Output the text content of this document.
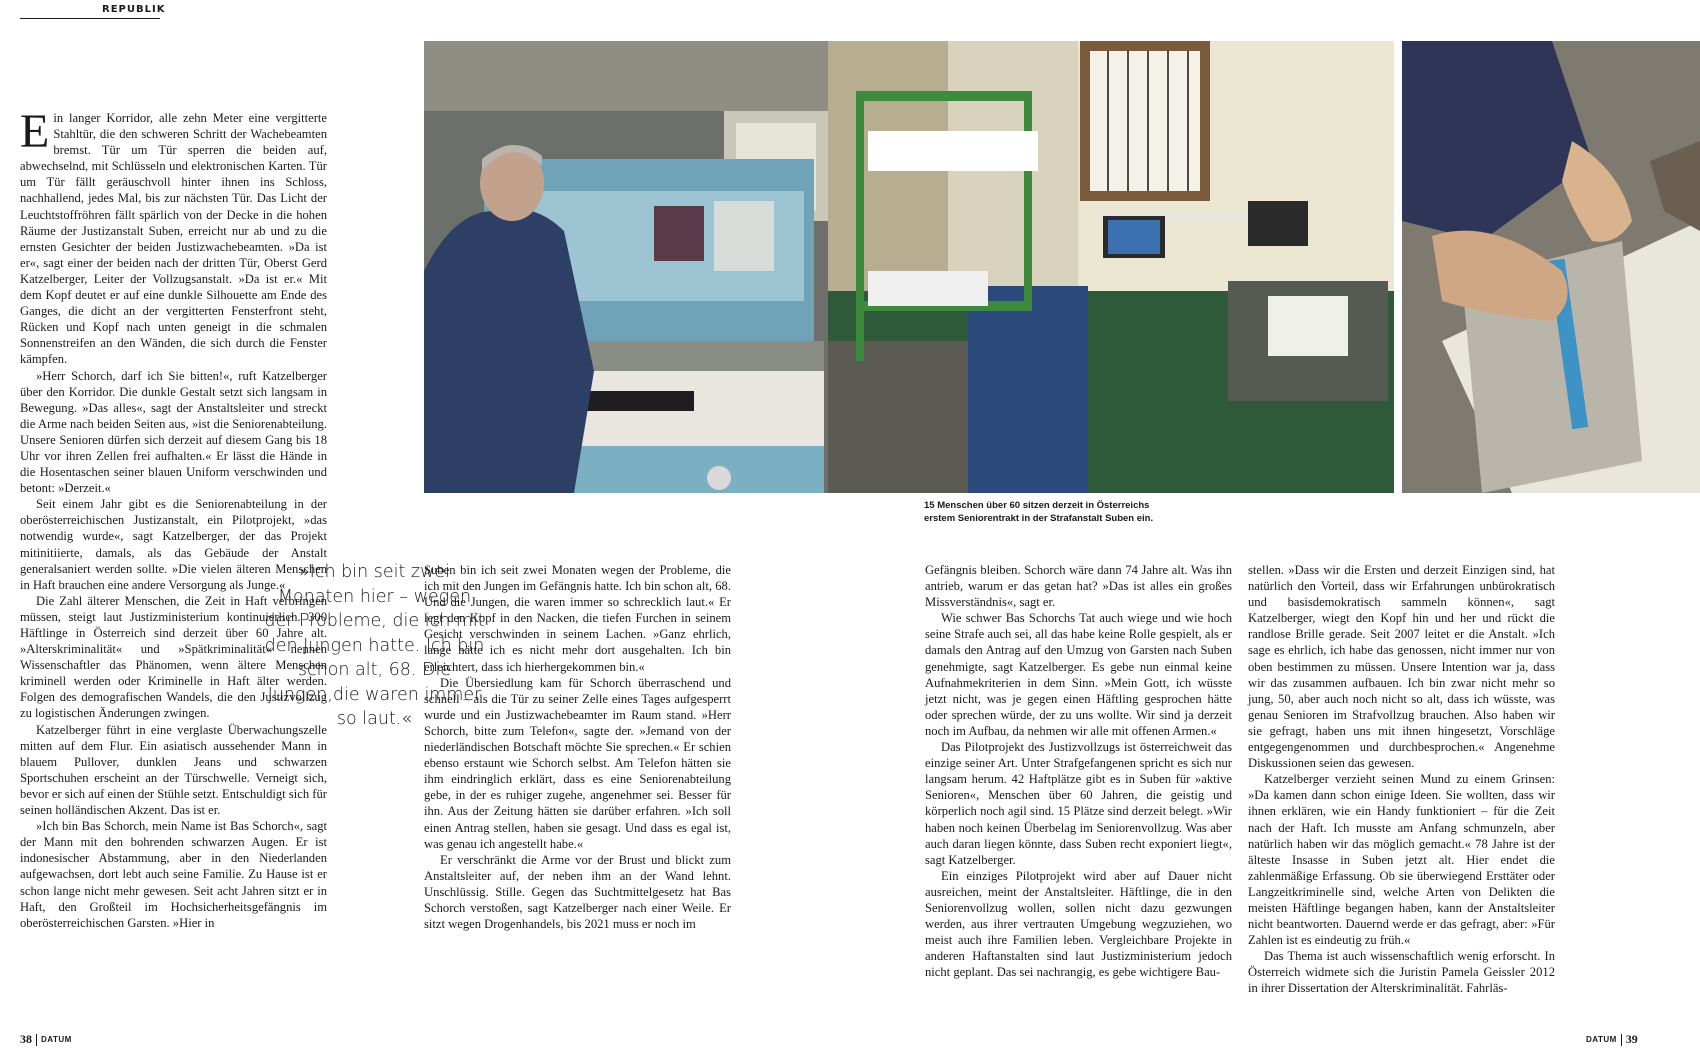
REPUBLIK
15 Menschen über 60 sitzen derzeit in Österreichs
erstem Seniorentrakt in der Strafanstalt Suben ein.

Ein langer Korridor, alle zehn Meter eine vergitterte Stahltür, die den schweren Schritt der Wachebeamten bremst. Tür um Tür sperren die beiden auf, abwechselnd, mit Schlüsseln und elektronischen Karten. Tür um Tür fällt geräuschvoll hinter ihnen ins Schloss, nachhallend, jedes Mal, bis zur nächsten Tür. Das Licht der Leuchtstoffröhren fällt spärlich von der Decke in die hohen Räume der Justizanstalt Suben, erreicht nur ab und zu die ernsten Gesichter der beiden Justizwachebeamten. »Da ist er«, sagt einer der beiden nach der dritten Tür, Oberst Gerd Katzelberger, Leiter der Vollzugsanstalt. »Da ist er.« Mit dem Kopf deutet er auf eine dunkle Silhouette am Ende des Ganges, die dicht an der vergitterten Fensterfront steht, Rücken und Kopf nach unten geneigt in die schmalen Sonnenstreifen an den Wänden, die sich durch die Fenster kämpfen.

»Herr Schorch, darf ich Sie bitten!«, ruft Katzelberger über den Korridor. Die dunkle Gestalt setzt sich langsam in Bewegung. »Das alles«, sagt der Anstaltsleiter und streckt die Arme nach beiden Seiten aus, »ist die Seniorenabteilung. Unsere Senioren dürfen sich derzeit auf diesem Gang bis 18 Uhr vor ihren Zellen frei aufhalten.« Er lässt die Hände in die Hosentaschen seiner blauen Uniform verschwinden und betont: »Derzeit.«

Seit einem Jahr gibt es die Seniorenabteilung in der oberösterreichischen Justizanstalt, ein Pilotprojekt, »das notwendig wurde«, sagt Katzelberger, der das Projekt mitinitiierte, damals, als das Gebäude der Anstalt generalsaniert werden sollte. »Die vielen älteren Menschen in Haft brauchen eine andere Versorgung als Junge.«

Die Zahl älterer Menschen, die Zeit in Haft verbringen müssen, steigt laut Justizministerium kontinuierlich. 300 Häftlinge in Österreich sind derzeit über 60 Jahre alt. »Alterskriminalität« und »Spätkriminalität« nennen Wissenschaftler das Phänomen, wenn ältere Menschen kriminell werden oder Kriminelle in Haft älter werden. Folgen des demografischen Wandels, die den Justizvollzug zu logistischen Änderungen zwingen.

Katzelberger führt in eine verglaste Überwachungszelle mitten auf dem Flur. Ein asiatisch aussehender Mann in blauem Pullover, dunklen Jeans und schwarzen Sportschuhen erscheint an der Türschwelle. Verneigt sich, bevor er sich auf einen der Stühle setzt. Entschuldigt sich für seinen holländischen Akzent. Das ist er.

»Ich bin Bas Schorch, mein Name ist Bas Schorch«, sagt der Mann mit den bohrenden schwarzen Augen. Er ist indonesischer Abstammung, aber in den Niederlanden aufgewachsen, dort lebt auch seine Familie. Zu Hause ist er schon lange nicht mehr gewesen. Seit acht Jahren sitzt er in Haft, den Großteil im Hochsicherheitsgefängnis im oberösterreichischen Garsten. »Hier in

»Ich bin seit zwei Monaten hier – wegen der Probleme, die ich mit den Jungen hatte. Ich bin schon alt, 68. Die Jungen,die waren immer so laut.«

Suben bin ich seit zwei Monaten wegen der Probleme, die ich mit den Jungen im Gefängnis hatte. Ich bin schon alt, 68. Und die Jungen, die waren immer so schrecklich laut.« Er legt den Kopf in den Nacken, die tiefen Furchen in seinem Gesicht verschwinden in seinem Lachen. »Ganz ehrlich, lange hätte ich es nicht mehr dort ausgehalten. Ich bin erleichtert, dass ich hierhergekommen bin.«

Die Übersiedlung kam für Schorch überraschend und schnell – als die Tür zu seiner Zelle eines Tages aufgesperrt wurde und ein Justizwachebeamter im Raum stand. »Herr Schorch, bitte zum Telefon«, sagte der. »Jemand von der niederländischen Botschaft möchte Sie sprechen.« Er schien ebenso erstaunt wie Schorch selbst. Am Telefon hätten sie ihm eindringlich erklärt, dass es eine Seniorenabteilung gebe, in der es ruhiger zugehe, angenehmer sei. Besser für ihn. Aus der Zeitung hätten sie darüber erfahren. »Ich soll einen Antrag stellen, haben sie gesagt. Und dass es egal ist, was genau ich angestellt habe.«

Er verschränkt die Arme vor der Brust und blickt zum Anstaltsleiter auf, der neben ihm an der Wand lehnt. Unschlüssig. Stille. Gegen das Suchtmittelgesetz hat Bas Schorch verstoßen, sagt Katzelberger nach einer Weile. Er sitzt wegen Drogenhandels, bis 2021 muss er noch im

Gefängnis bleiben. Schorch wäre dann 74 Jahre alt. Was ihn antrieb, warum er das getan hat? »Das ist alles ein großes Missverständnis«, sagt er.

Wie schwer Bas Schorchs Tat auch wiege und wie hoch seine Strafe auch sei, all das habe keine Rolle gespielt, als er damals den Antrag auf den Umzug von Garsten nach Suben genehmigte, sagt Katzelberger. Es gebe nun einmal keine Aufnahmekriterien in dem Sinn. »Mein Gott, ich wüsste jetzt nicht, was je gegen einen Häftling gesprochen hätte oder sprechen würde, der zu uns wollte. Wir sind ja derzeit noch im Aufbau, da nehmen wir alle mit offenen Armen.«

Das Pilotprojekt des Justizvollzugs ist österreichweit das einzige seiner Art. Unter Strafgefangenen spricht es sich nur langsam herum. 42 Haftplätze gibt es in Suben für »aktive Senioren«, Menschen über 60 Jahren, die geistig und körperlich noch agil sind. 15 Plätze sind derzeit belegt. »Wir haben noch keinen Überbelag im Seniorenvollzug. Was aber auch daran liegen könnte, dass Suben recht exponiert liegt«, sagt Katzelberger.

Ein einziges Pilotprojekt wird aber auf Dauer nicht ausreichen, meint der Anstaltsleiter. Häftlinge, die in den Seniorenvollzug wollen, sollen nicht dazu gezwungen werden, aus ihrer vertrauten Umgebung wegzuziehen, wo meist auch ihre Familien leben. Vergleichbare Projekte in anderen Haftanstalten sind laut Justizministerium jedoch nicht geplant. Das sei nachrangig, es gebe wichtigere Bau-

stellen. »Dass wir die Ersten und derzeit Einzigen sind, hat natürlich den Vorteil, dass wir Erfahrungen unbürokratisch und basisdemokratisch sammeln können«, sagt Katzelberger, wiegt den Kopf hin und her und rückt die randlose Brille gerade. Seit 2007 leitet er die Anstalt. »Ich sage es ehrlich, ich habe das genossen, nicht immer nur von oben bestimmen zu müssen. Unsere Intention war ja, dass wir das zusammen aufbauen. Ich bin zwar nicht mehr so jung, 50, aber auch noch nicht so alt, dass ich wüsste, was genau Senioren im Strafvollzug brauchen. Also haben wir sie gefragt, haben uns mit ihnen hingesetzt, Vorschläge entgegengenommen und durchbesprochen.« Angenehme Diskussionen seien das gewesen.

Katzelberger verzieht seinen Mund zu einem Grinsen: »Da kamen dann schon einige Ideen. Sie wollten, dass wir ihnen erklären, wie ein Handy funktioniert – für die Zeit nach der Haft. Ich musste am Anfang schmunzeln, aber natürlich haben wir das möglich gemacht.« 78 Jahre ist der älteste Insasse in Suben jetzt alt. Hier endet die zahlenmäßige Erfassung. Ob sie überwiegend Ersttäter oder Langzeitkriminelle sind, welche Arten von Delikten die meisten Häftlinge begangen haben, kann der Anstaltsleiter nicht beantworten. Dauernd werde er das gefragt, aber: »Für Zahlen ist es eindeutig zu früh.«

Das Thema ist auch wissenschaftlich wenig erforscht. In Österreich widmete sich die Juristin Pamela Geissler 2012 in ihrer Dissertation der Alterskriminalität. Fahrläs-

38 DATUM	DATUM 39
